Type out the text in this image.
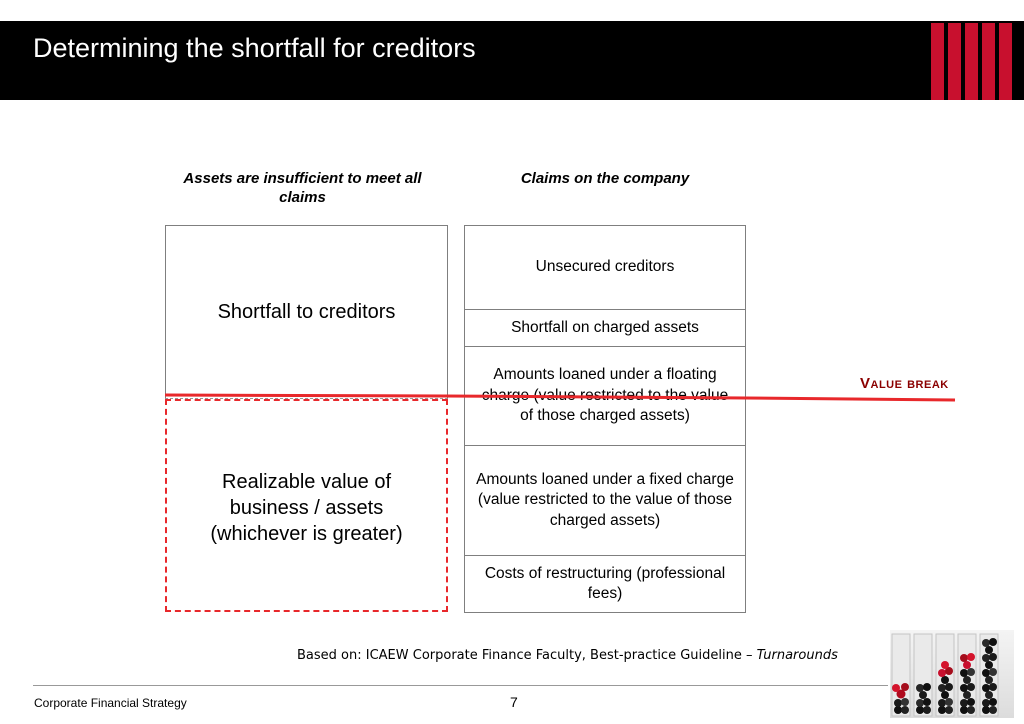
Determining the shortfall for creditors
Assets are insufficient to meet all claims
Claims on the company
Shortfall to creditors
Realizable value of business / assets (whichever is greater)
Unsecured creditors
Shortfall on charged assets
Amounts loaned under a floating charge (value restricted to the value of those charged assets)
Amounts loaned under a fixed charge (value restricted to the value of those charged assets)
Costs of restructuring (professional fees)
Value break
Based on: ICAEW Corporate Finance Faculty, Best-practice Guideline – Turnarounds
Corporate Financial Strategy	7
